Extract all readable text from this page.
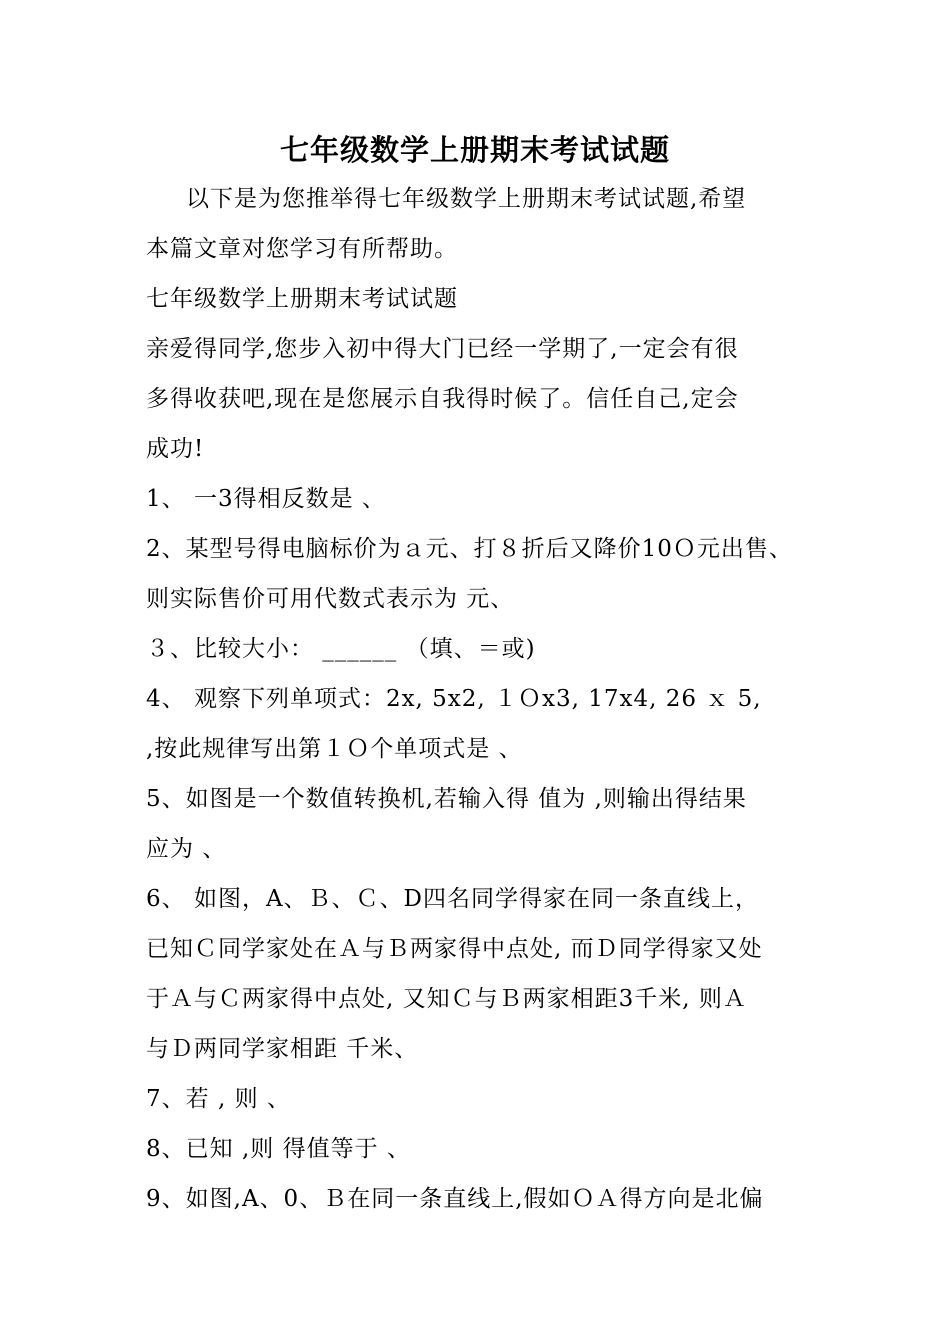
七年级数学上册期末考试试题
以下是为您推举得七年级数学上册期末考试试题,希望
本篇文章对您学习有所帮助。
七年级数学上册期末考试试题
亲爱得同学,您步入初中得大门已经一学期了,一定会有很
多得收获吧,现在是您展示自我得时候了。信任自己,定会
成功!
1、 一3得相反数是 、
2、某型号得电脑标价为ａ元、打８折后又降价10Ｏ元出售、
则实际售价可用代数式表示为 元、
３、比较大小： ______ （填、＝或)
4、 观察下列单项式：2x, 5x2, １Ｏx3, 17x4, 26 ｘ 5,
,按此规律写出第１Ｏ个单项式是 、
5、如图是一个数值转换机,若输入得 值为 ,则输出得结果
应为 、
6、 如图，A、Ｂ、Ｃ、D四名同学得家在同一条直线上，
已知Ｃ同学家处在Ａ与Ｂ两家得中点处, 而Ｄ同学得家又处
于Ａ与Ｃ两家得中点处, 又知Ｃ与Ｂ两家相距3千米, 则Ａ
与Ｄ两同学家相距 千米、
7、若 , 则 、
8、已知 ,则 得值等于 、
9、如图,A、0、Ｂ在同一条直线上,假如ＯＡ得方向是北偏
